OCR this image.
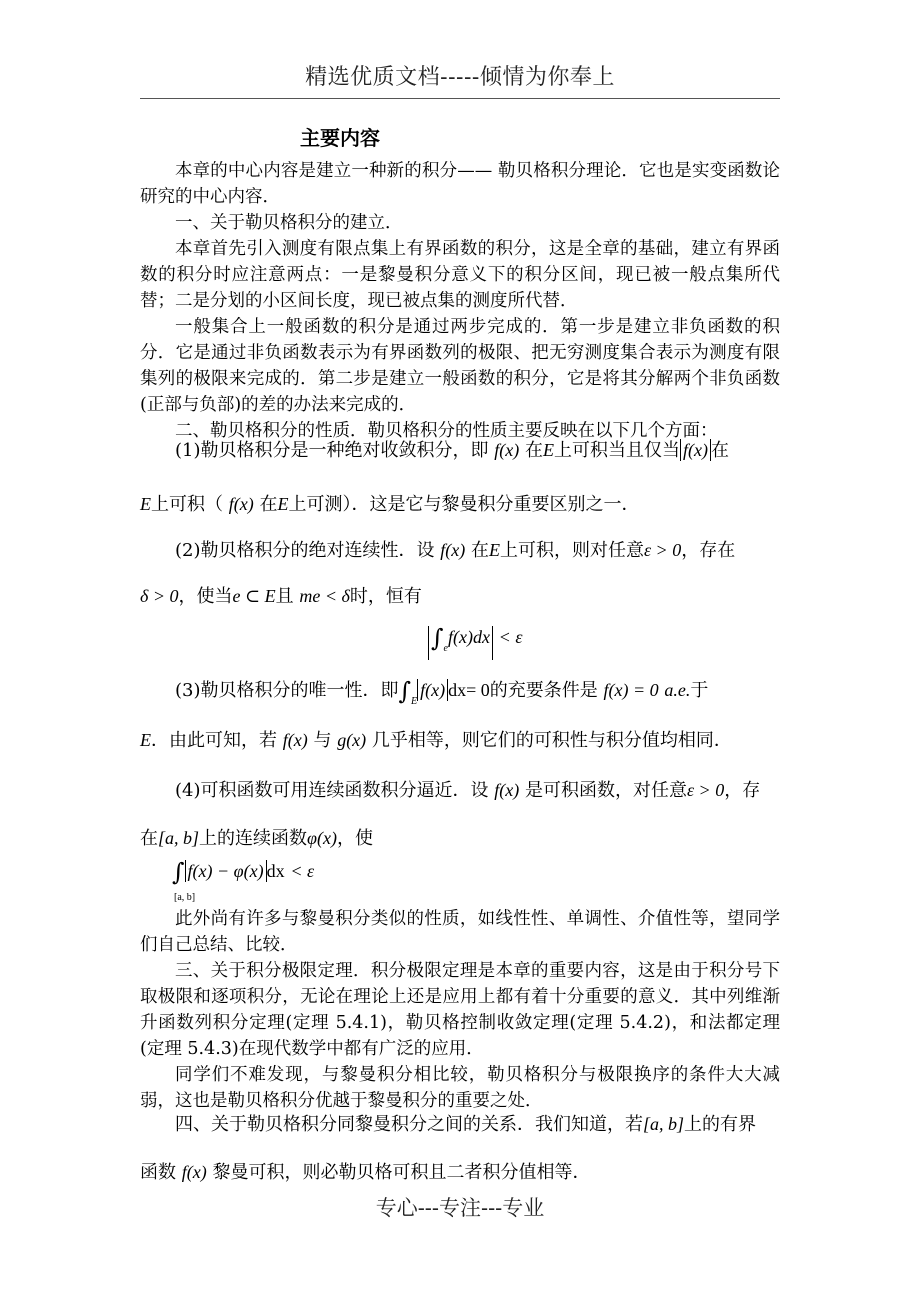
精选优质文档-----倾情为你奉上
主要内容
本章的中心内容是建立一种新的积分—— 勒贝格积分理论．它也是实变函数论研究的中心内容．
一、关于勒贝格积分的建立．
本章首先引入测度有限点集上有界函数的积分，这是全章的基础，建立有界函数的积分时应注意两点：一是黎曼积分意义下的积分区间，现已被一般点集所代替；二是分划的小区间长度，现已被点集的测度所代替．
一般集合上一般函数的积分是通过两步完成的．第一步是建立非负函数的积分．它是通过非负函数表示为有界函数列的极限、把无穷测度集合表示为测度有限集列的极限来完成的．第二步是建立一般函数的积分，它是将其分解两个非负函数(正部与负部)的差的办法来完成的．
二、勒贝格积分的性质．勒贝格积分的性质主要反映在以下几个方面：
(1)勒贝格积分是一种绝对收敛积分，即 f(x) 在E上可积当且仅当 f(x) 在
E上可积（ f(x) 在E上可测）．这是它与黎曼积分重要区别之一．
(2)勒贝格积分的绝对连续性．设 f(x) 在E上可积，则对任意ε > 0，存在
δ > 0，使当e ⊂ E且 me < δ时，恒有
$\int_ef(x)dx < \varepsilon$
(3)勒贝格积分的唯一性．即$\int_Ef(x)$ dx= 0的充要条件是 f(x) = 0 a.e.于
E．由此可知，若 f(x) 与 g(x) 几乎相等，则它们的可积性与积分值均相同．
(4)可积函数可用连续函数积分逼近．设 f(x) 是可积函数，对任意ε > 0，存
在[a, b]上的连续函数φ(x)，使
∫ f(x) − φ(x) dx < ε
[a, b]
此外尚有许多与黎曼积分类似的性质，如线性性、单调性、介值性等，望同学们自己总结、比较．
三、关于积分极限定理．积分极限定理是本章的重要内容，这是由于积分号下取极限和逐项积分，无论在理论上还是应用上都有着十分重要的意义．其中列维渐升函数列积分定理(定理 5.4.1)，勒贝格控制收敛定理(定理 5.4.2)，和法都定理(定理 5.4.3)在现代数学中都有广泛的应用．
同学们不难发现，与黎曼积分相比较，勒贝格积分与极限换序的条件大大减弱，这也是勒贝格积分优越于黎曼积分的重要之处．
四、关于勒贝格积分同黎曼积分之间的关系．我们知道，若[a, b]上的有界
函数 f(x) 黎曼可积，则必勒贝格可积且二者积分值相等．
专心---专注---专业
